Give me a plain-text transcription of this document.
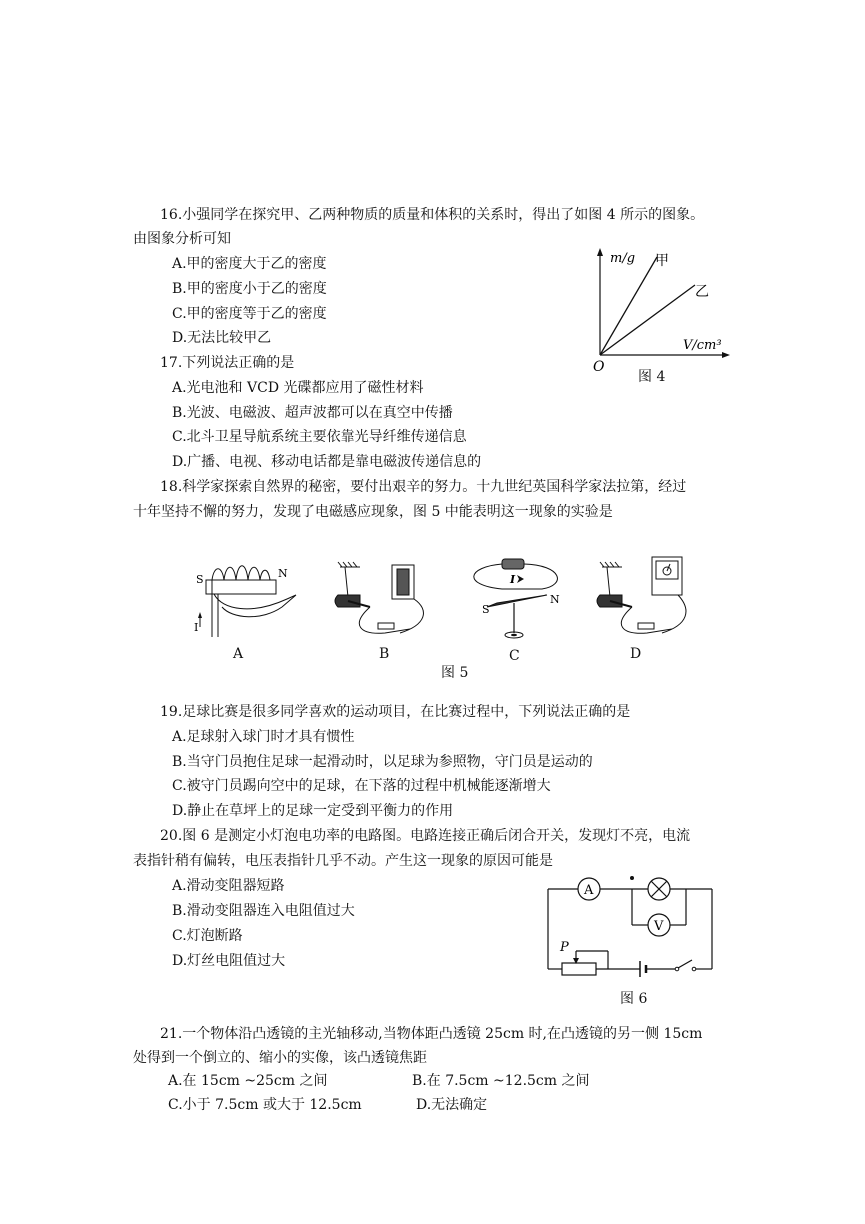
16.小强同学在探究甲、乙两种物质的质量和体积的关系时，得出了如图 4 所示的图象。
由图象分析可知
A.甲的密度大于乙的密度
B.甲的密度小于乙的密度
C.甲的密度等于乙的密度
D.无法比较甲乙
m/g 甲
乙
V/cm³
O
图 4
17.下列说法正确的是
A.光电池和 VCD 光碟都应用了磁性材料
B.光波、电磁波、超声波都可以在真空中传播
C.北斗卫星导航系统主要依靠光导纤维传递信息
D.广播、电视、移动电话都是靠电磁波传递信息的
18.科学家探索自然界的秘密，要付出艰辛的努力。十九世纪英国科学家法拉第，经过
十年坚持不懈的努力，发现了电磁感应现象，图 5 中能表明这一现象的实验是
S	N
I
I
S
N
A	B	C	D
图 5
19.足球比赛是很多同学喜欢的运动项目，在比赛过程中，下列说法正确的是
A.足球射入球门时才具有惯性
B.当守门员抱住足球一起滑动时，以足球为参照物，守门员是运动的
C.被守门员踢向空中的足球，在下落的过程中机械能逐渐增大
D.静止在草坪上的足球一定受到平衡力的作用
20.图 6 是测定小灯泡电功率的电路图。电路连接正确后闭合开关，发现灯不亮，电流
表指针稍有偏转，电压表指针几乎不动。产生这一现象的原因可能是
A.滑动变阻器短路
B.滑动变阻器连入电阻值过大
C.灯泡断路
D.灯丝电阻值过大
A
V
P
图 6
21.一个物体沿凸透镜的主光轴移动,当物体距凸透镜 25cm 时,在凸透镜的另一侧 15cm
处得到一个倒立的、缩小的实像，该凸透镜焦距
A.在 15cm ~25cm 之间	B.在 7.5cm ~12.5cm 之间
C.小于 7.5cm 或大于 12.5cm	D.无法确定
